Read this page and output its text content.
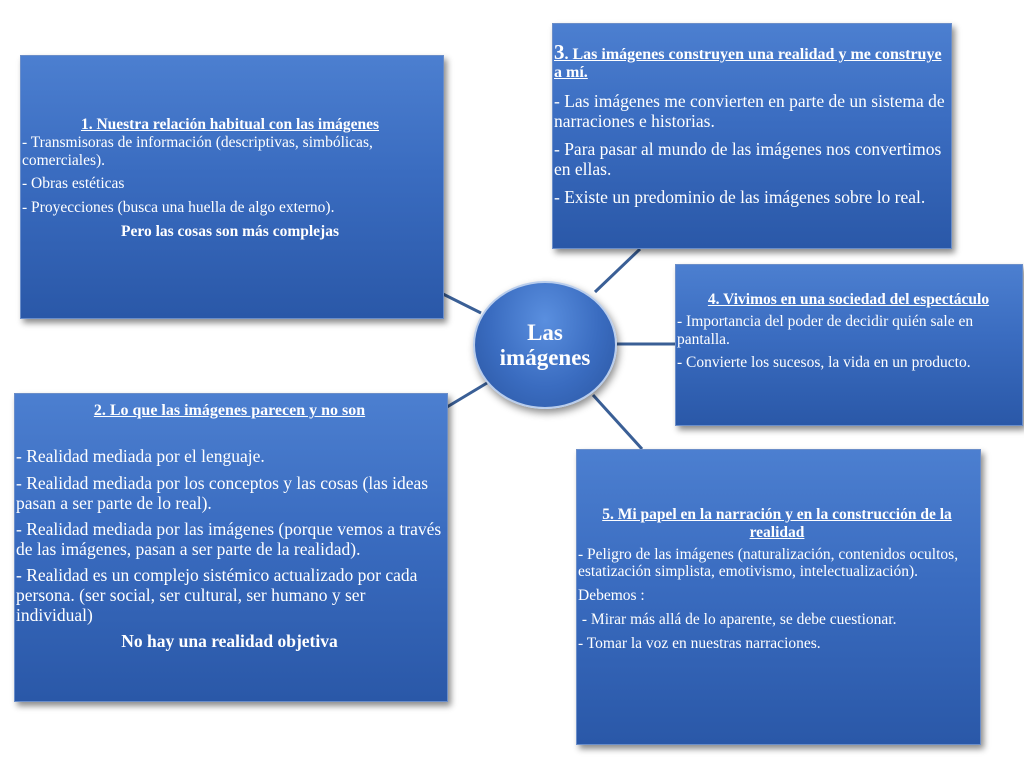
1. Nuestra relación habitual con las imágenes

- Transmisoras de información (descriptivas, simbólicas, comerciales).

- Obras estéticas

- Proyecciones (busca una huella de algo externo).

Pero las cosas son más complejas

2. Lo que las imágenes parecen y no son

- Realidad mediada por el lenguaje.

- Realidad mediada por los conceptos y las cosas (las ideas pasan a ser parte de lo real).

- Realidad mediada por las imágenes (porque vemos a través de las imágenes, pasan a ser parte de la realidad).

- Realidad es un complejo sistémico actualizado por cada persona. (ser social, ser cultural, ser humano y ser individual)

No hay una realidad objetiva

3. Las imágenes construyen una realidad y me construye a mí.

- Las imágenes me convierten en parte de un sistema de narraciones e historias.

- Para pasar al mundo de las imágenes nos convertimos en ellas.

- Existe un predominio de las imágenes sobre lo real.

4. Vivimos en una sociedad del espectáculo

- Importancia del poder de decidir quién sale en pantalla.

- Convierte los sucesos, la vida en un producto.

5. Mi papel en la narración y en la construcción de la realidad

- Peligro de las imágenes (naturalización, contenidos ocultos, estatización simplista, emotivismo, intelectualización).

Debemos :

- Mirar más allá de lo aparente, se debe cuestionar.

- Tomar la voz en nuestras narraciones.

Las imágenes
